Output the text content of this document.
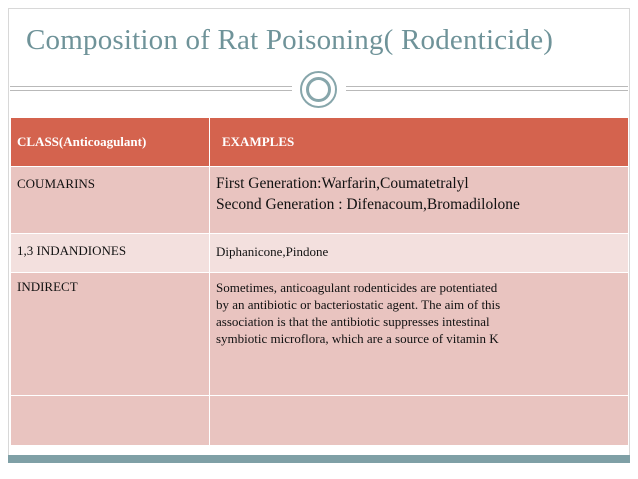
Composition of Rat Poisoning( Rodenticide)
CLASS(Anticoagulant)	EXAMPLES
COUMARINS	First Generation:Warfarin,Coumatetralyl
Second Generation : Difenacoum,Bromadilolone

1,3 INDANDIONES	Diphanicone,Pindone

INDIRECT	Sometimes, anticoagulant rodenticides are potentiated
by an antibiotic or bacteriostatic agent. The aim of this
association is that the antibiotic suppresses intestinal
symbiotic microflora, which are a source of vitamin K
